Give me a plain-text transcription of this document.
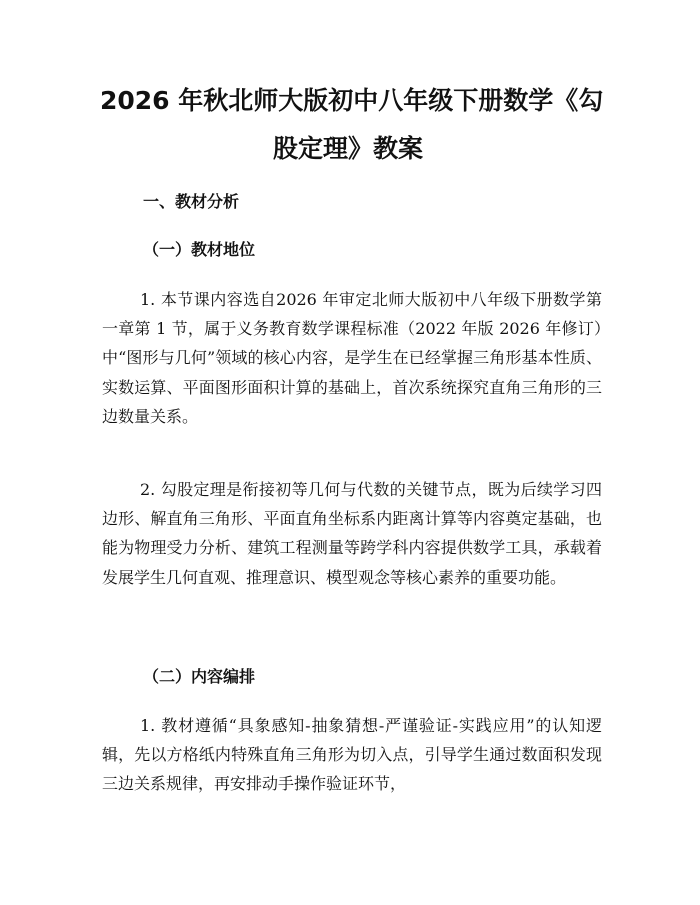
2026 年秋北师大版初中八年级下册数学《勾
股定理》教案
一、教材分析
（一）教材地位

1. 本节课内容选自2026 年审定北师大版初中八年级下册数学第一章第 1 节，属于义务教育数学课程标准（2022 年版 2026 年修订）中“图形与几何”领域的核心内容，是学生在已经掌握三角形基本性质、实数运算、平面图形面积计算的基础上，首次系统探究直角三角形的三边数量关系。

2. 勾股定理是衔接初等几何与代数的关键节点，既为后续学习四边形、解直角三角形、平面直角坐标系内距离计算等内容奠定基础，也能为物理受力分析、建筑工程测量等跨学科内容提供数学工具，承载着发展学生几何直观、推理意识、模型观念等核心素养的重要功能。

（二）内容编排

1. 教材遵循“具象感知-抽象猜想-严谨验证-实践应用”的认知逻辑，先以方格纸内特殊直角三角形为切入点，引导学生通过数面积发现三边关系规律，再安排动手操作验证环节，
